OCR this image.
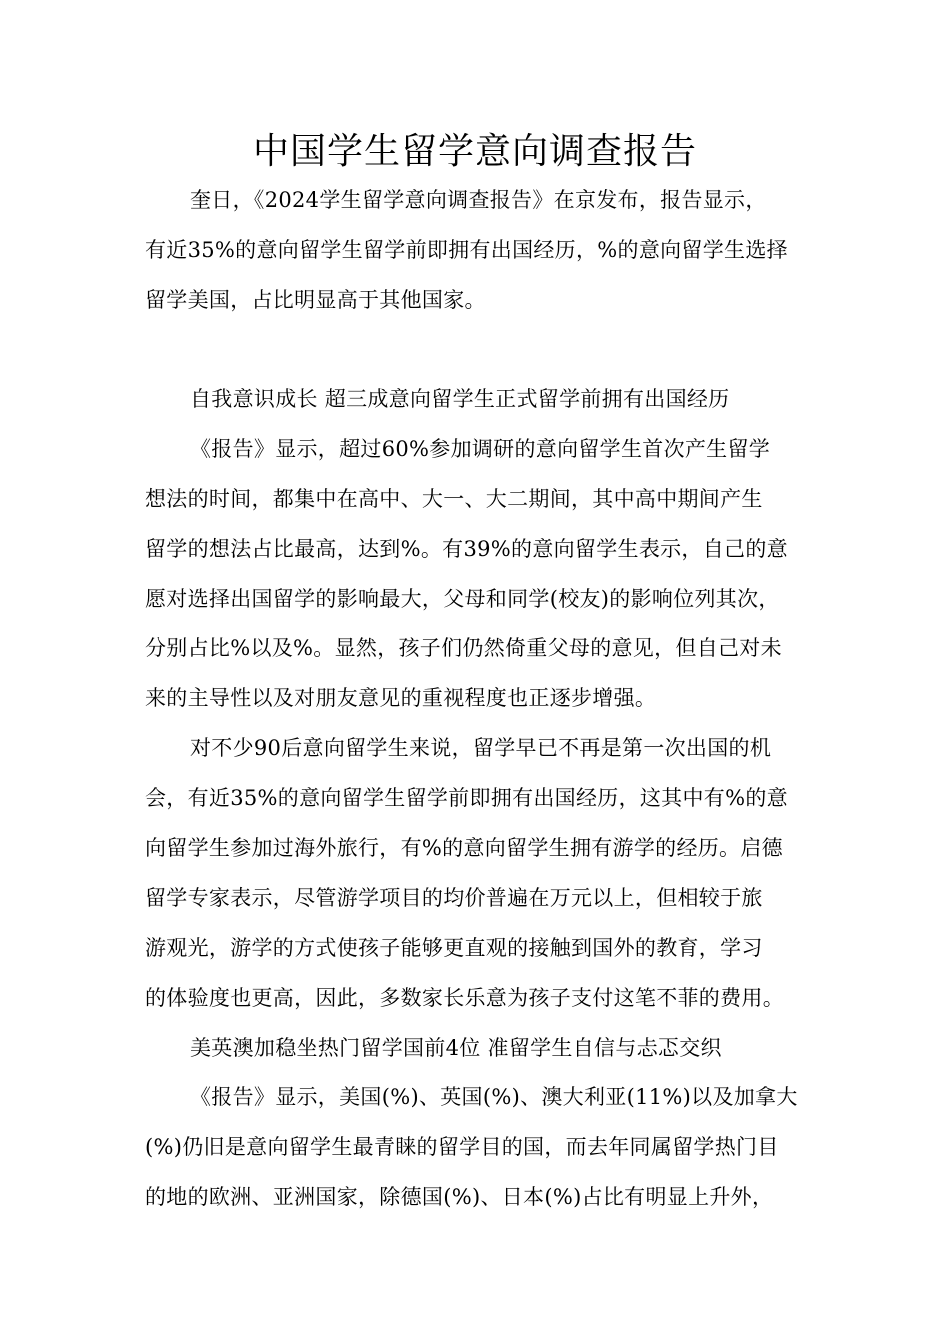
中国学生留学意向调查报告
奎日，《2024学生留学意向调查报告》在京发布，报告显示，
有近35%的意向留学生留学前即拥有出国经历，%的意向留学生选择
留学美国，占比明显高于其他国家。
自我意识成长 超三成意向留学生正式留学前拥有出国经历
《报告》显示，超过60%参加调研的意向留学生首次产生留学
想法的时间，都集中在高中、大一、大二期间，其中高中期间产生
留学的想法占比最高，达到%。有39%的意向留学生表示，自己的意
愿对选择出国留学的影响最大，父母和同学(校友)的影响位列其次，
分别占比%以及%。显然，孩子们仍然倚重父母的意见，但自己对未
来的主导性以及对朋友意见的重视程度也正逐步增强。
对不少90后意向留学生来说，留学早已不再是第一次出国的机
会，有近35%的意向留学生留学前即拥有出国经历，这其中有%的意
向留学生参加过海外旅行，有%的意向留学生拥有游学的经历。启德
留学专家表示，尽管游学项目的均价普遍在万元以上，但相较于旅
游观光，游学的方式使孩子能够更直观的接触到国外的教育，学习
的体验度也更高，因此，多数家长乐意为孩子支付这笔不菲的费用。
美英澳加稳坐热门留学国前4位 准留学生自信与忐忑交织
《报告》显示，美国(%)、英国(%)、澳大利亚(11%)以及加拿大
(%)仍旧是意向留学生最青睐的留学目的国，而去年同属留学热门目
的地的欧洲、亚洲国家，除德国(%)、日本(%)占比有明显上升外，
